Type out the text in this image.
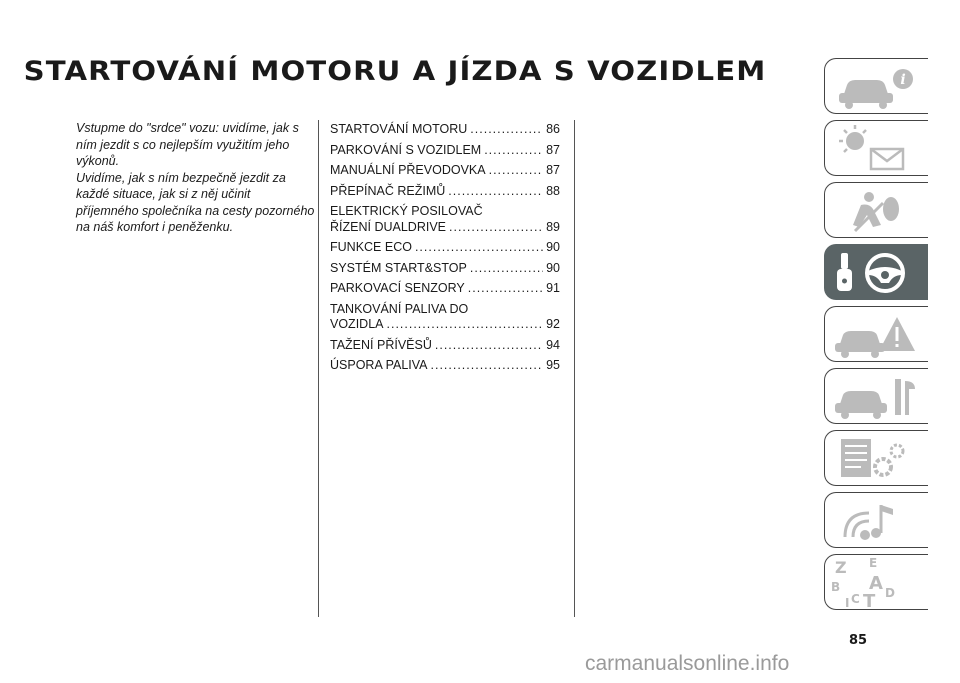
STARTOVÁNÍ MOTORU A JÍZDA S VOZIDLEM

Vstupme do "srdce" vozu: uvidíme, jak s ním jezdit s co nejlepším využitím jeho výkonů.

Uvidíme, jak s ním bezpečně jezdit za každé situace, jak si z něj učinit příjemného společníka na cesty pozorného na náš komfort i peněženku.

STARTOVÁNÍ MOTORU .....	86
PARKOVÁNÍ S VOZIDLEM .....	87
MANUÁLNÍ PŘEVODOVKA .....	87
PŘEPÍNAČ REŽIMŮ .....	88
ELEKTRICKÝ POSILOVAČ
ŘÍZENÍ DUALDRIVE .....	89
FUNKCE ECO .....	90
SYSTÉM START&STOP .....	90
PARKOVACÍ SENZORY .....	91
TANKOVÁNÍ PALIVA DO
VOZIDLA .....	92
TAŽENÍ PŘÍVĚSŮ .....	94
ÚSPORA PALIVA .....	95
i
Z E
B A
C T D
I
85
carmanualsonline.info
